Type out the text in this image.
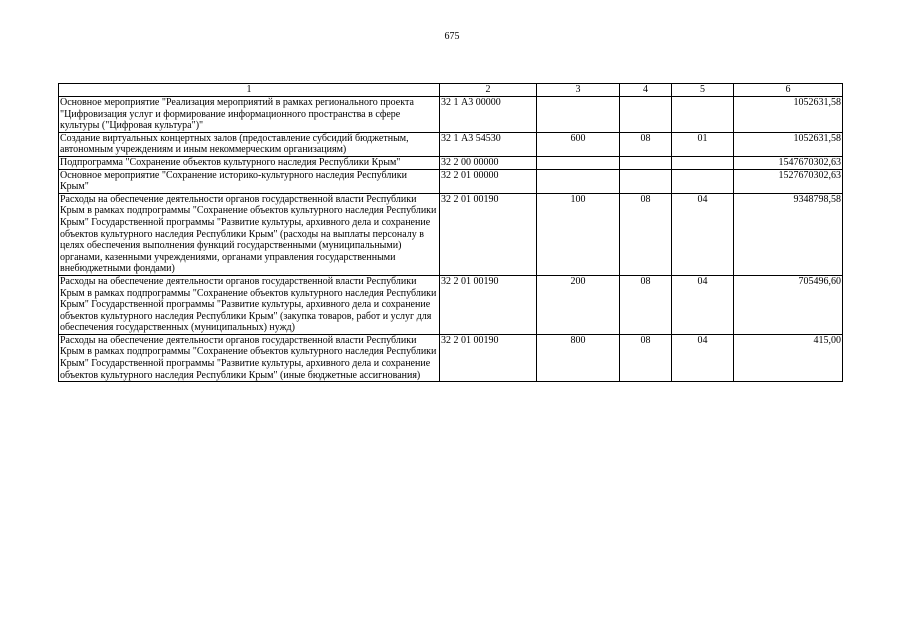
675
1	2	3	4	5	6
Основное мероприятие "Реализация мероприятий в рамках регионального проекта "Цифровизация услуг и формирование информационного пространства в сфере культуры ("Цифровая культура")"	32 1 А3 00000				1052631,58
Создание виртуальных концертных залов (предоставление субсидий бюджетным, автономным учреждениям и иным некоммерческим организациям)	32 1 А3 54530	600	08	01	1052631,58
Подпрограмма "Сохранение объектов культурного наследия Республики Крым"	32 2 00 00000				1547670302,63
Основное мероприятие "Сохранение историко-культурного наследия Республики Крым"	32 2 01 00000				1527670302,63
Расходы на обеспечение деятельности органов государственной власти Республики Крым в рамках подпрограммы "Сохранение объектов культурного наследия Республики Крым" Государственной программы "Развитие культуры, архивного дела и сохранение объектов культурного наследия Республики Крым" (расходы на выплаты персоналу в целях обеспечения выполнения функций государственными (муниципальными) органами, казенными учреждениями, органами управления государственными внебюджетными фондами)	32 2 01 00190	100	08	04	9348798,58
Расходы на обеспечение деятельности органов государственной власти Республики Крым в рамках подпрограммы "Сохранение объектов культурного наследия Республики Крым" Государственной программы "Развитие культуры, архивного дела и сохранение объектов культурного наследия Республики Крым" (закупка товаров, работ и услуг для обеспечения государственных (муниципальных) нужд)	32 2 01 00190	200	08	04	705496,60
Расходы на обеспечение деятельности органов государственной власти Республики Крым в рамках подпрограммы "Сохранение объектов культурного наследия Республики Крым" Государственной программы "Развитие культуры, архивного дела и сохранение объектов культурного наследия Республики Крым" (иные бюджетные ассигнования)	32 2 01 00190	800	08	04	415,00
